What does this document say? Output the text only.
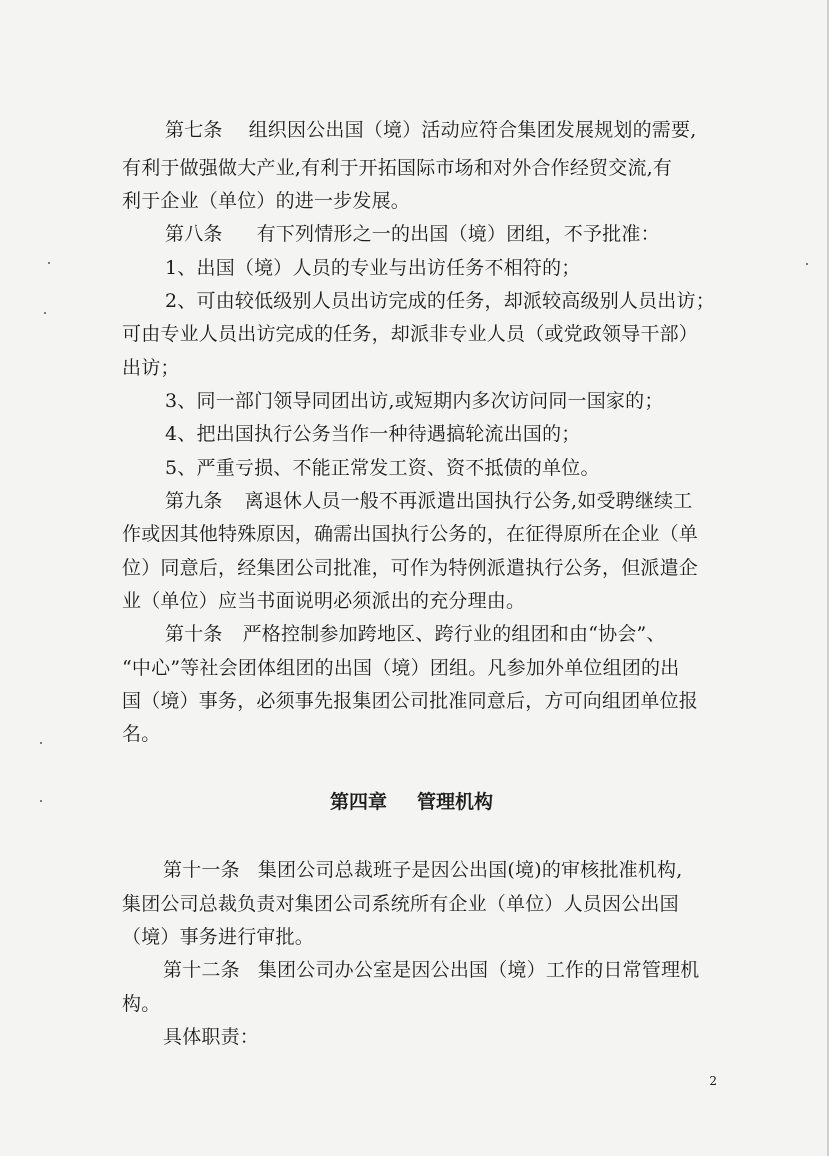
第七条 组织因公出国（境）活动应符合集团发展规划的需要,
有利于做强做大产业,有利于开拓国际市场和对外合作经贸交流,有
利于企业（单位）的进一步发展。
第八条 有下列情形之一的出国（境）团组，不予批准：
1、出国（境）人员的专业与出访任务不相符的；
2、可由较低级别人员出访完成的任务，却派较高级别人员出访；
可由专业人员出访完成的任务，却派非专业人员（或党政领导干部）
出访；
3、同一部门领导同团出访,或短期内多次访问同一国家的；
4、把出国执行公务当作一种待遇搞轮流出国的；
5、严重亏损、不能正常发工资、资不抵债的单位。
第九条 离退休人员一般不再派遣出国执行公务,如受聘继续工
作或因其他特殊原因，确需出国执行公务的，在征得原所在企业（单
位）同意后，经集团公司批准，可作为特例派遣执行公务，但派遣企
业（单位）应当书面说明必须派出的充分理由。
第十条 严格控制参加跨地区、跨行业的组团和由“协会”、
“中心”等社会团体组团的出国（境）团组。凡参加外单位组团的出
国（境）事务，必须事先报集团公司批准同意后，方可向组团单位报
名。
第四章 管理机构
第十一条 集团公司总裁班子是因公出国(境)的审核批准机构,
集团公司总裁负责对集团公司系统所有企业（单位）人员因公出国
（境）事务进行审批。
第十二条 集团公司办公室是因公出国（境）工作的日常管理机
构。
具体职责：
2
